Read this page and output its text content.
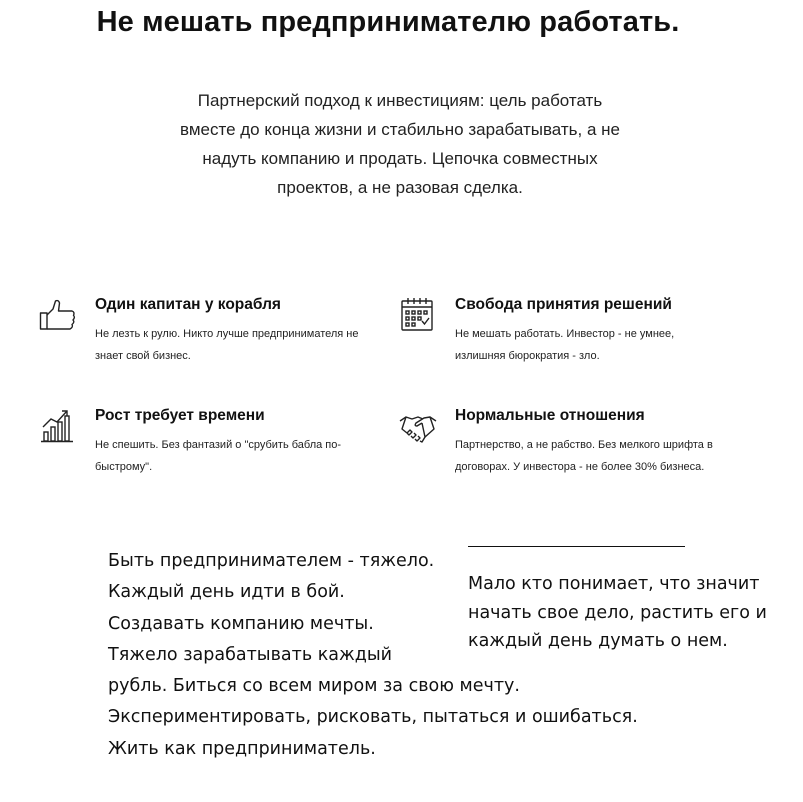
Не мешать предпринимателю работать.
Партнерский подход к инвестициям: цель работать
вместе до конца жизни и стабильно зарабатывать, а не
надуть компанию и продать. Цепочка совместных
проектов, а не разовая сделка.
Один капитан у корабля
Не лезть к рулю. Никто лучше предпринимателя не
знает свой бизнес.
Свобода принятия решений
Не мешать работать. Инвестор - не умнее,
излишняя бюрократия - зло.
Рост требует времени
Не спешить. Без фантазий о "срубить бабла по-
быстрому".
Нормальные отношения
Партнерство, а не рабство. Без мелкого шрифта в
договорах. У инвестора - не более 30% бизнеса.
Быть предпринимателем - тяжело.
Каждый день идти в бой.
Создавать компанию мечты.
Тяжело зарабатывать каждый
рубль. Биться со всем миром за свою мечту.
Экспериментировать, рисковать, пытаться и ошибаться.
Жить как предприниматель.
Мало кто понимает, что значит
начать свое дело, растить его и
каждый день думать о нем.
